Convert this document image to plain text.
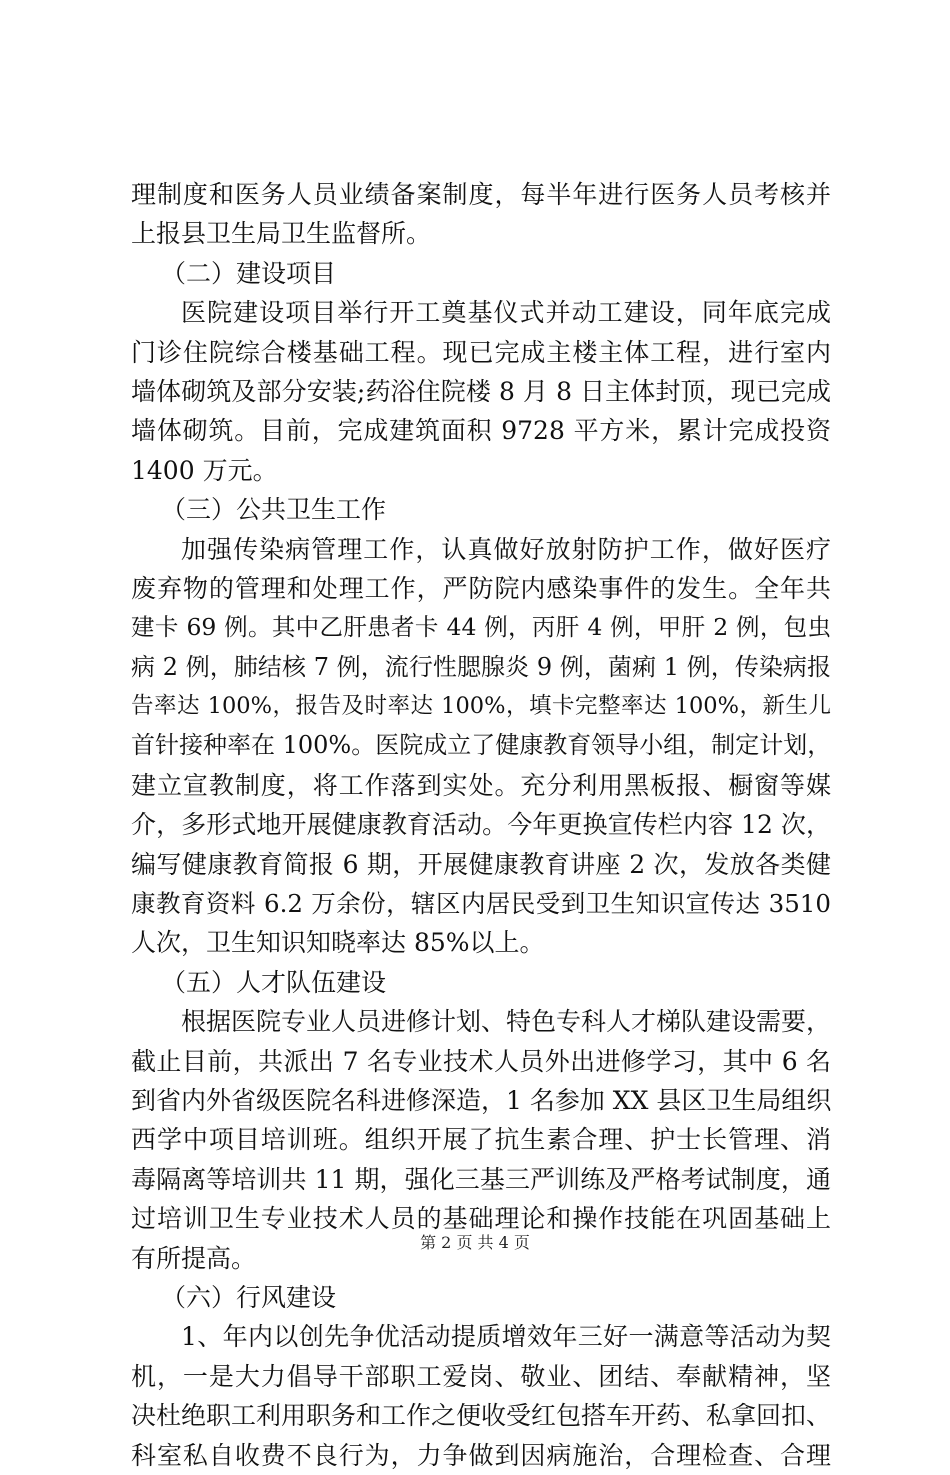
理制度和医务人员业绩备案制度，每半年进行医务人员考核并
上报县卫生局卫生监督所。
（二）建设项目
医院建设项目举行开工奠基仪式并动工建设，同年底完成
门诊住院综合楼基础工程。现已完成主楼主体工程，进行室内
墙体砌筑及部分安装;药浴住院楼 8 月 8 日主体封顶，现已完成
墙体砌筑。目前，完成建筑面积 9728 平方米，累计完成投资
1400 万元。
（三）公共卫生工作
加强传染病管理工作，认真做好放射防护工作，做好医疗
废弃物的管理和处理工作，严防院内感染事件的发生。全年共
建卡 69 例。其中乙肝患者卡 44 例，丙肝 4 例，甲肝 2 例，包虫
病 2 例，肺结核 7 例，流行性腮腺炎 9 例，菌痢 1 例，传染病报
告率达 100%，报告及时率达 100%，填卡完整率达 100%，新生儿
首针接种率在 100%。医院成立了健康教育领导小组，制定计划，
建立宣教制度，将工作落到实处。充分利用黑板报、橱窗等媒
介，多形式地开展健康教育活动。今年更换宣传栏内容 12 次，
编写健康教育简报 6 期，开展健康教育讲座 2 次，发放各类健
康教育资料 6.2 万余份，辖区内居民受到卫生知识宣传达 3510
人次，卫生知识知晓率达 85%以上。
（五）人才队伍建设
根据医院专业人员进修计划、特色专科人才梯队建设需要，
截止目前，共派出 7 名专业技术人员外出进修学习，其中 6 名
到省内外省级医院名科进修深造，1 名参加 XX 县区卫生局组织
西学中项目培训班。组织开展了抗生素合理、护士长管理、消
毒隔离等培训共 11 期，强化三基三严训练及严格考试制度，通
过培训卫生专业技术人员的基础理论和操作技能在巩固基础上
有所提高。
（六）行风建设
1、年内以创先争优活动提质增效年三好一满意等活动为契
机，一是大力倡导干部职工爱岗、敬业、团结、奉献精神，坚
决杜绝职工利用职务和工作之便收受红包搭车开药、私拿回扣、
科室私自收费不良行为，力争做到因病施治，合理检查、合理
第 2 页 共 4 页
